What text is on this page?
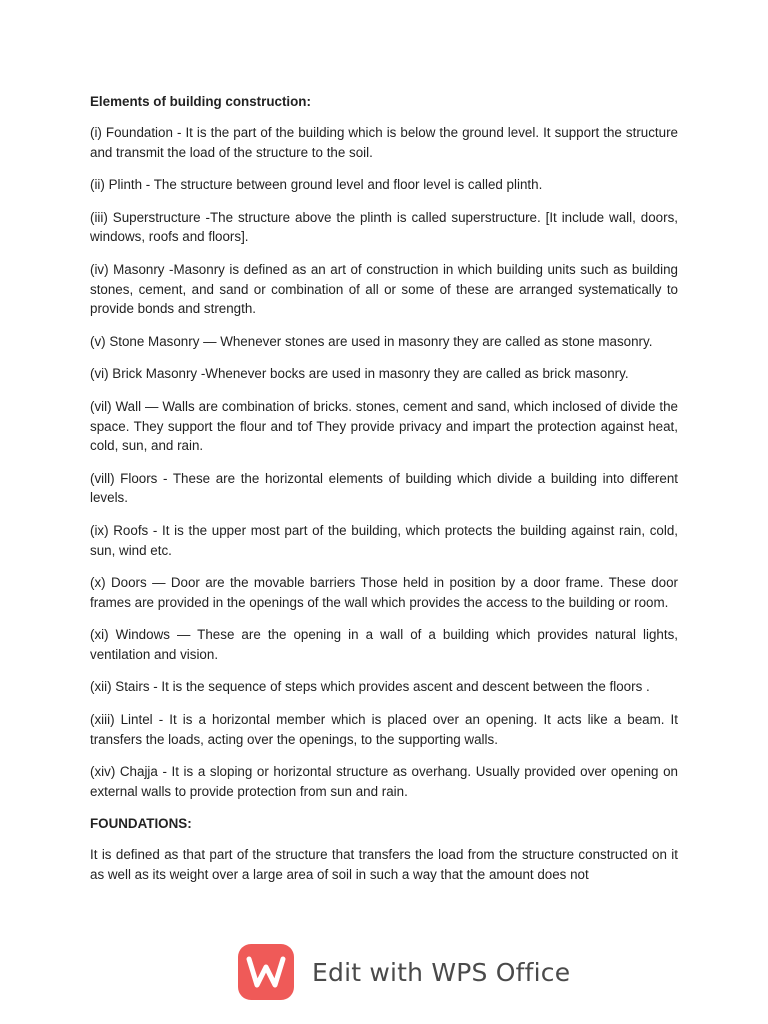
Elements of building construction:

(i) Foundation - It is the part of the building which is below the ground level. It support the structure and transmit the load of the structure to the soil.

(ii) Plinth - The structure between ground level and floor level is called plinth.

(iii) Superstructure -The structure above the plinth is called superstructure. [It include wall, doors, windows, roofs and floors].

(iv) Masonry -Masonry is defined as an art of construction in which building units such as building stones, cement, and sand or combination of all or some of these are arranged systematically to provide bonds and strength.

(v) Stone Masonry — Whenever stones are used in masonry they are called as stone masonry.

(vi) Brick Masonry -Whenever bocks are used in masonry they are called as brick masonry.

(vil) Wall — Walls are combination of bricks. stones, cement and sand, which inclosed of divide the space. They support the flour and tof They provide privacy and impart the protection against heat, cold, sun, and rain.

(vill) Floors - These are the horizontal elements of building which divide a building into different levels.

(ix) Roofs - It is the upper most part of the building, which protects the building against rain, cold, sun, wind etc.

(x) Doors — Door are the movable barriers Those held in position by a door frame. These door frames are provided in the openings of the wall which provides the access to the building or room.

(xi) Windows — These are the opening in a wall of a building which provides natural lights, ventilation and vision.

(xii) Stairs - It is the sequence of steps which provides ascent and descent between the floors .

(xiii) Lintel - It is a horizontal member which is placed over an opening. It acts like a beam. It transfers the loads, acting over the openings, to the supporting walls.

(xiv) Chajja - It is a sloping or horizontal structure as overhang. Usually provided over opening on external walls to provide protection from sun and rain.

FOUNDATIONS:

It is defined as that part of the structure that transfers the load from the structure constructed on it as well as its weight over a large area of soil in such a way that the amount does not

Edit with WPS Office
